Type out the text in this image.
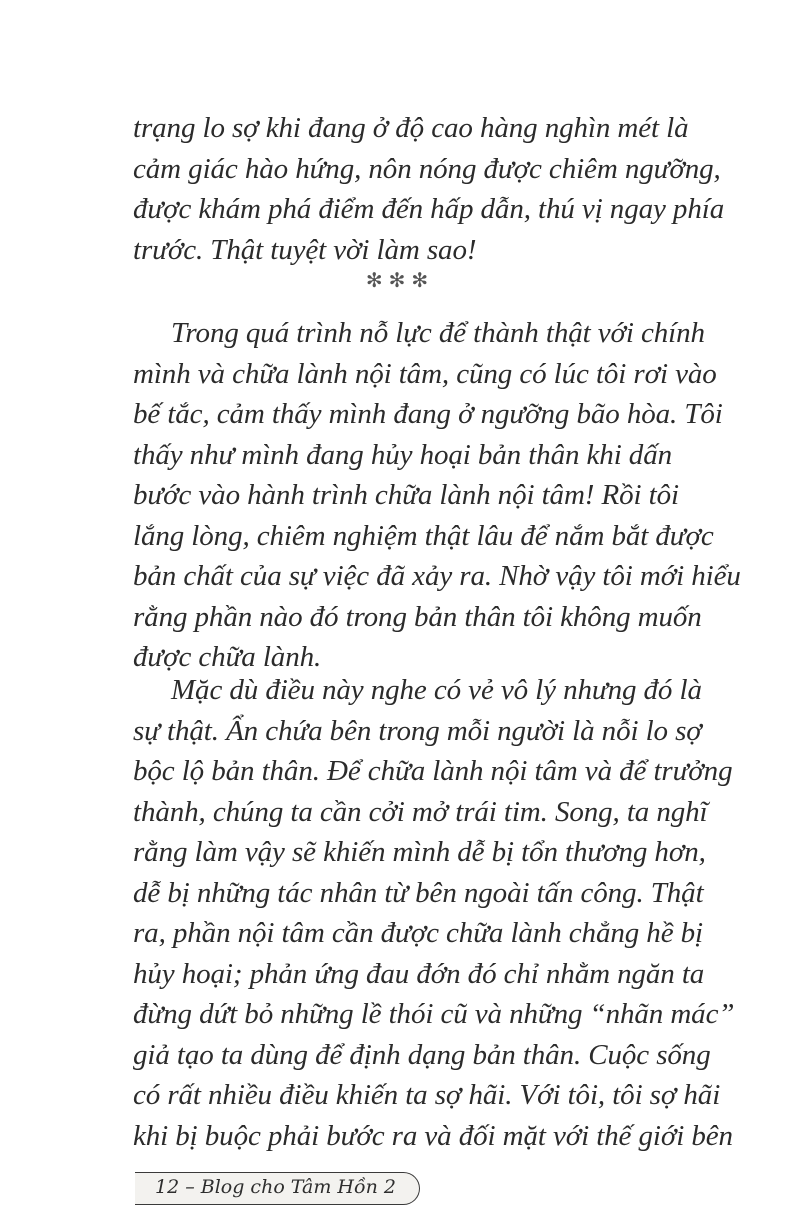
trạng lo sợ khi đang ở độ cao hàng nghìn mét là
cảm giác hào hứng, nôn nóng được chiêm ngưỡng,
được khám phá điểm đến hấp dẫn, thú vị ngay phía
trước. Thật tuyệt vời làm sao!
✻✻✻
Trong quá trình nỗ lực để thành thật với chính
mình và chữa lành nội tâm, cũng có lúc tôi rơi vào
bế tắc, cảm thấy mình đang ở ngưỡng bão hòa. Tôi
thấy như mình đang hủy hoại bản thân khi dấn
bước vào hành trình chữa lành nội tâm! Rồi tôi
lắng lòng, chiêm nghiệm thật lâu để nắm bắt được
bản chất của sự việc đã xảy ra. Nhờ vậy tôi mới hiểu
rằng phần nào đó trong bản thân tôi không muốn
được chữa lành.
Mặc dù điều này nghe có vẻ vô lý nhưng đó là
sự thật. Ẩn chứa bên trong mỗi người là nỗi lo sợ
bộc lộ bản thân. Để chữa lành nội tâm và để trưởng
thành, chúng ta cần cởi mở trái tim. Song, ta nghĩ
rằng làm vậy sẽ khiến mình dễ bị tổn thương hơn,
dễ bị những tác nhân từ bên ngoài tấn công. Thật
ra, phần nội tâm cần được chữa lành chẳng hề bị
hủy hoại; phản ứng đau đớn đó chỉ nhằm ngăn ta
đừng dứt bỏ những lề thói cũ và những “nhãn mác”
giả tạo ta dùng để định dạng bản thân. Cuộc sống
có rất nhiều điều khiến ta sợ hãi. Với tôi, tôi sợ hãi
khi bị buộc phải bước ra và đối mặt với thế giới bên
12 – Blog cho Tâm Hồn 2
